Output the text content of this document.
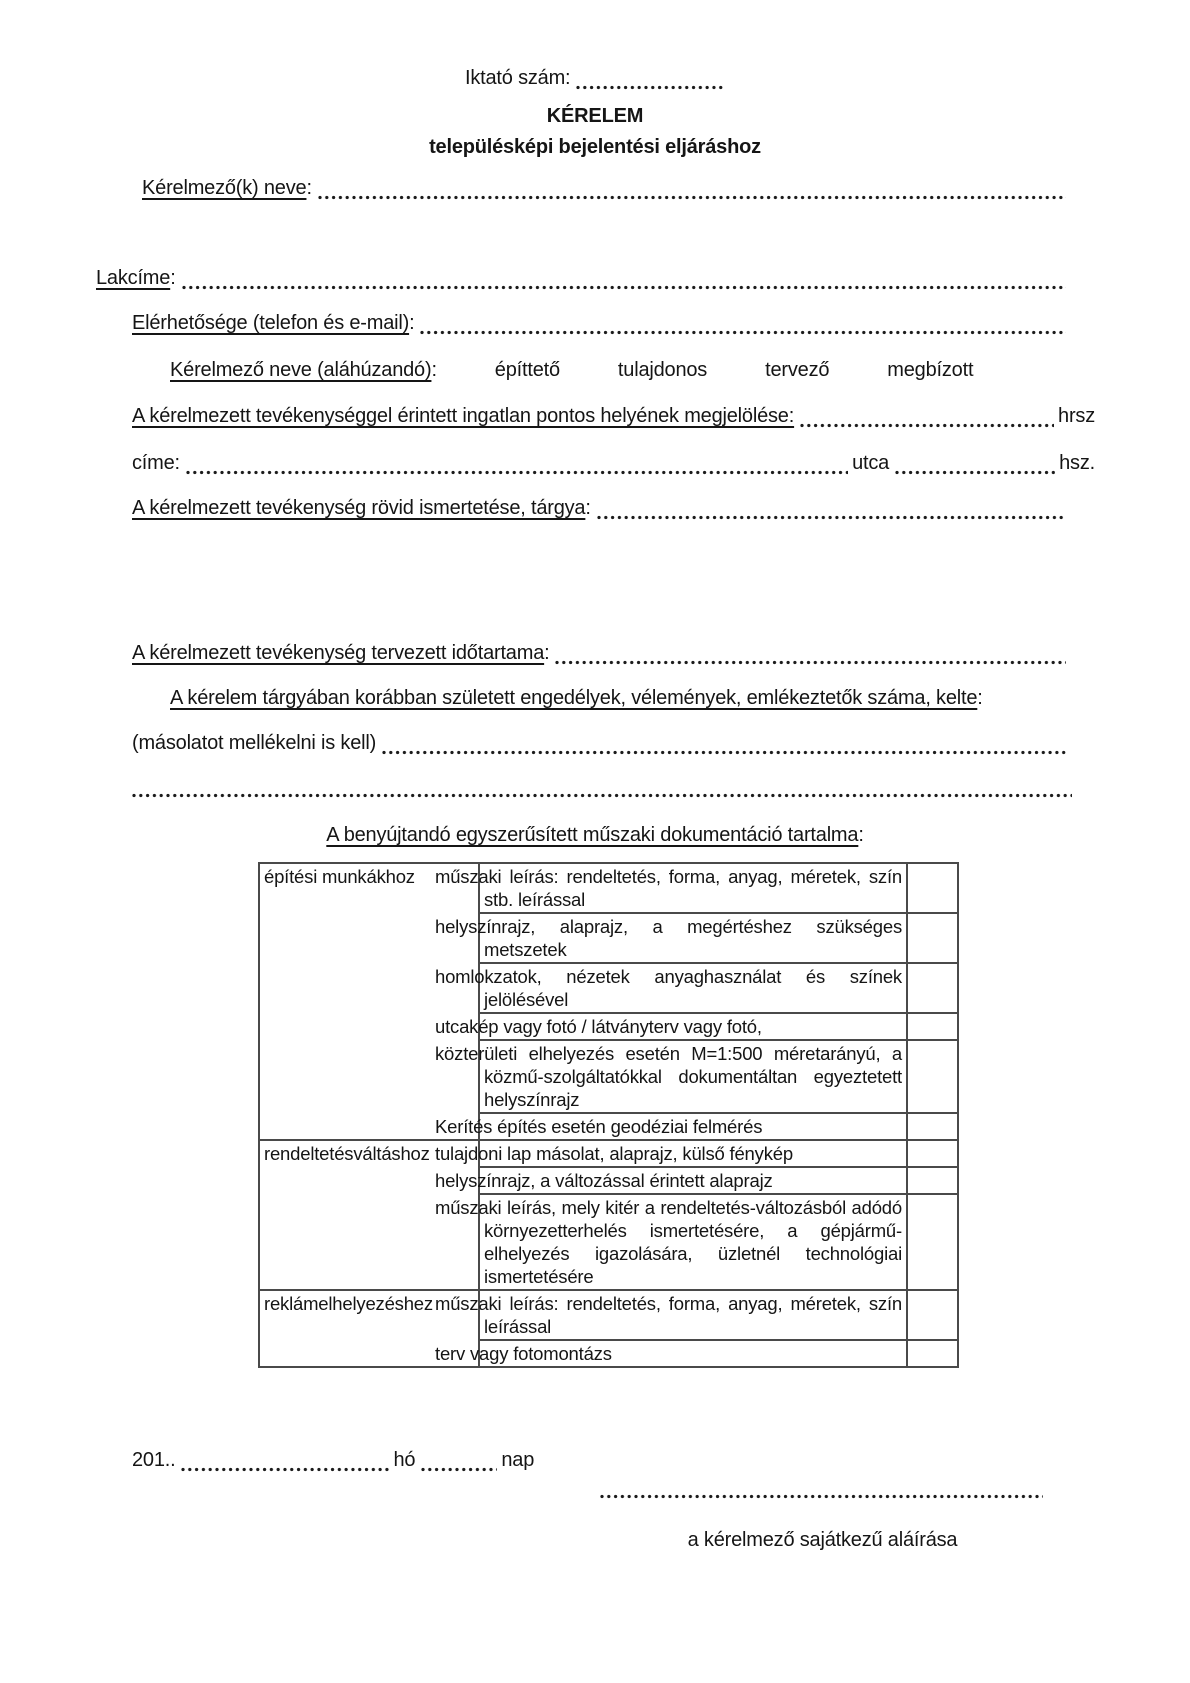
Iktató szám:
KÉRELEM
településképi bejelentési eljáráshoz
Kérelmező(k) neve :
Lakcíme :
Elérhetősége (telefon és e-mail) :
Kérelmező neve (aláhúzandó) :	építtető	tulajdonos	tervező	megbízott
A kérelmezett tevékenységgel érintett ingatlan pontos helyének megjelölése:	hrsz
címe:	utca	hsz.
A kérelmezett tevékenység rövid ismertetése, tárgya :
A kérelmezett tevékenység tervezett időtartama :
A kérelem tárgyában korábban született engedélyek, vélemények, emlékeztetők száma, kelte :
(másolatot mellékelni is kell)
A benyújtandó egyszerűsített műszaki dokumentáció tartalma :
építési munkákhoz	műszaki leírás: rendeltetés, forma, anyag, méretek, szín stb. leírással	
	helyszínrajz, alaprajz, a megértéshez szükséges metszetek	
	homlokzatok, nézetek anyaghasználat és színek jelölésével	
	utcakép vagy fotó / látványterv vagy fotó,	
	közterületi elhelyezés esetén M=1:500 méretarányú, a közmű-szolgáltatókkal dokumentáltan egyeztetett helyszínrajz	
	Kerítés építés esetén geodéziai felmérés	
rendeltetésváltáshoz	tulajdoni lap másolat, alaprajz, külső fénykép	
	helyszínrajz, a változással érintett alaprajz	
	műszaki leírás, mely kitér a rendeltetés-változásból adódó környezetterhelés ismertetésére, a gépjármű-elhelyezés igazolására, üzletnél technológiai ismertetésére	
reklámelhelyezéshez	műszaki leírás: rendeltetés, forma, anyag, méretek, szín leírással	
	terv vagy fotomontázs	
201..	hó	nap
a kérelmező sajátkezű aláírása
